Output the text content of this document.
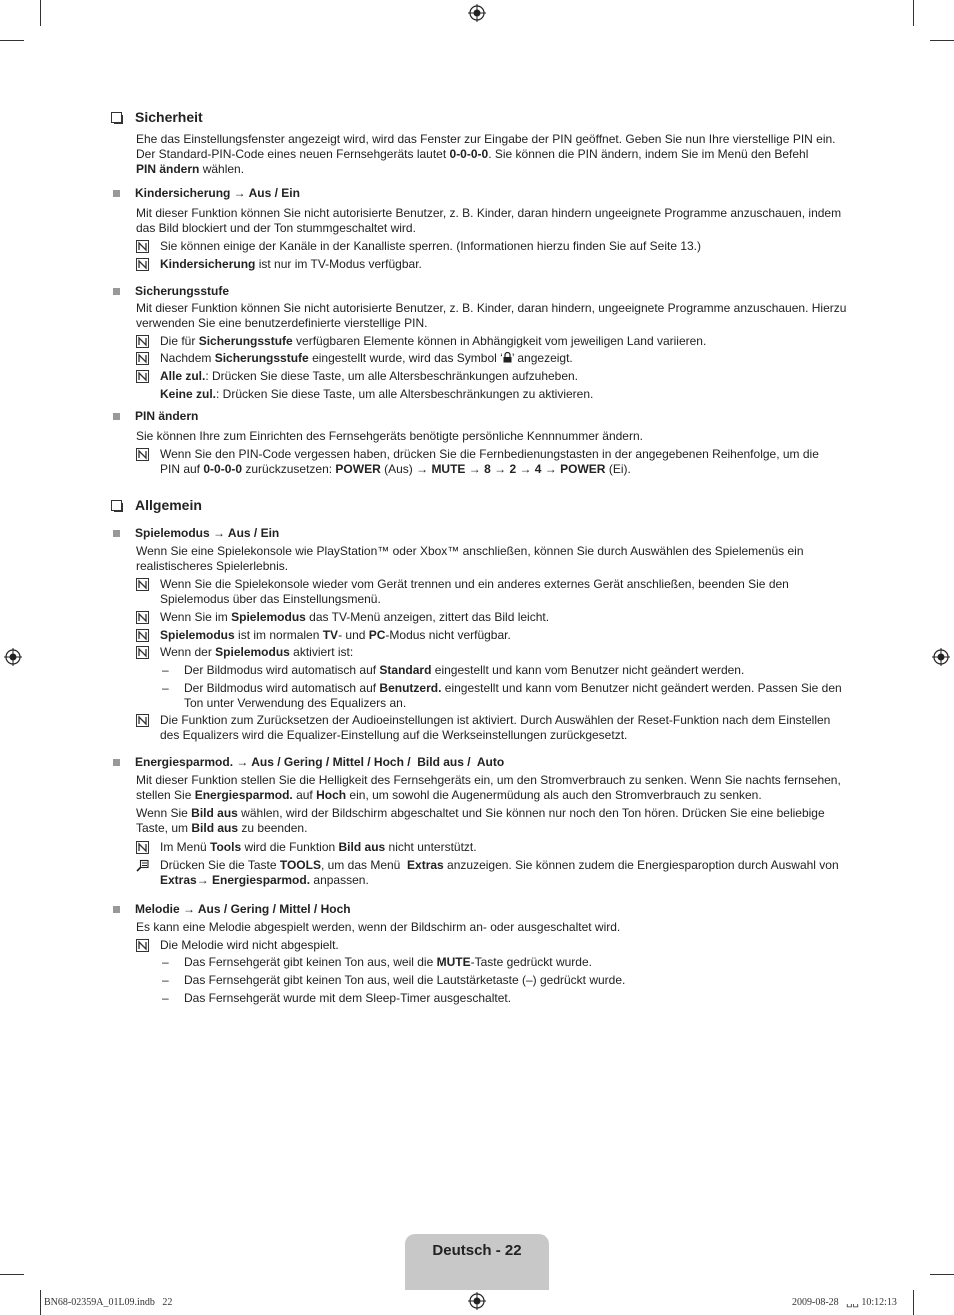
Sicherheit
Ehe das Einstellungsfenster angezeigt wird, wird das Fenster zur Eingabe der PIN geöffnet. Geben Sie nun Ihre vierstellige PIN ein.
Der Standard-PIN-Code eines neuen Fernsehgeräts lautet 0-0-0-0. Sie können die PIN ändern, indem Sie im Menü den Befehl
PIN ändern wählen.
Kindersicherung → Aus / Ein
Mit dieser Funktion können Sie nicht autorisierte Benutzer, z. B. Kinder, daran hindern ungeeignete Programme anzuschauen, indem das Bild blockiert und der Ton stummgeschaltet wird.
Sie können einige der Kanäle in der Kanalliste sperren. (Informationen hierzu finden Sie auf Seite 13.)
Kindersicherung ist nur im TV-Modus verfügbar.
Sicherungsstufe
Mit dieser Funktion können Sie nicht autorisierte Benutzer, z. B. Kinder, daran hindern, ungeeignete Programme anzuschauen. Hierzu verwenden Sie eine benutzerdefinierte vierstellige PIN.
Die für Sicherungsstufe verfügbaren Elemente können in Abhängigkeit vom jeweiligen Land variieren.
Nachdem Sicherungsstufe eingestellt wurde, wird das Symbol ‘ ’ angezeigt.
Alle zul.: Drücken Sie diese Taste, um alle Altersbeschränkungen aufzuheben.
Keine zul.: Drücken Sie diese Taste, um alle Altersbeschränkungen zu aktivieren.
PIN ändern
Sie können Ihre zum Einrichten des Fernsehgeräts benötigte persönliche Kennnummer ändern.
Wenn Sie den PIN-Code vergessen haben, drücken Sie die Fernbedienungstasten in der angegebenen Reihenfolge, um die
PIN auf 0-0-0-0 zurückzusetzen: POWER (Aus) → MUTE → 8 → 2 → 4 → POWER (Ei).
Allgemein
Spielemodus → Aus / Ein
Wenn Sie eine Spielekonsole wie PlayStation™ oder Xbox™ anschließen, können Sie durch Auswählen des Spielemenüs ein realistischeres Spielerlebnis.
Wenn Sie die Spielekonsole wieder vom Gerät trennen und ein anderes externes Gerät anschließen, beenden Sie den Spielemodus über das Einstellungsmenü.
Wenn Sie im Spielemodus das TV-Menü anzeigen, zittert das Bild leicht.
Spielemodus ist im normalen TV- und PC-Modus nicht verfügbar.
Wenn der Spielemodus aktiviert ist:
– Der Bildmodus wird automatisch auf Standard eingestellt und kann vom Benutzer nicht geändert werden.
– Der Bildmodus wird automatisch auf Benutzerd. eingestellt und kann vom Benutzer nicht geändert werden. Passen Sie den Ton unter Verwendung des Equalizers an.
Die Funktion zum Zurücksetzen der Audioeinstellungen ist aktiviert. Durch Auswählen der Reset-Funktion nach dem Einstellen des Equalizers wird die Equalizer-Einstellung auf die Werkseinstellungen zurückgesetzt.
Energiesparmod. → Aus / Gering / Mittel / Hoch /  Bild aus /  Auto
Mit dieser Funktion stellen Sie die Helligkeit des Fernsehgeräts ein, um den Stromverbrauch zu senken. Wenn Sie nachts fernsehen, stellen Sie Energiesparmod. auf Hoch ein, um sowohl die Augenermüdung als auch den Stromverbrauch zu senken.
Wenn Sie Bild aus wählen, wird der Bildschirm abgeschaltet und Sie können nur noch den Ton hören. Drücken Sie eine beliebige Taste, um Bild aus zu beenden.
Im Menü Tools wird die Funktion Bild aus nicht unterstützt.
Drücken Sie die Taste TOOLS, um das Menü  Extras anzuzeigen. Sie können zudem die Energiesparoption durch Auswahl von Extras→ Energiesparmod. anpassen.
Melodie → Aus / Gering / Mittel / Hoch
Es kann eine Melodie abgespielt werden, wenn der Bildschirm an- oder ausgeschaltet wird.
Die Melodie wird nicht abgespielt.
– Das Fernsehgerät gibt keinen Ton aus, weil die MUTE-Taste gedrückt wurde.
– Das Fernsehgerät gibt keinen Ton aus, weil die Lautstärketaste (–) gedrückt wurde.
– Das Fernsehgerät wurde mit dem Sleep-Timer ausgeschaltet.
Deutsch - 22
BN68-02359A_01L09.indb   22	2009-08-28   ␣␣ 10:12:13
